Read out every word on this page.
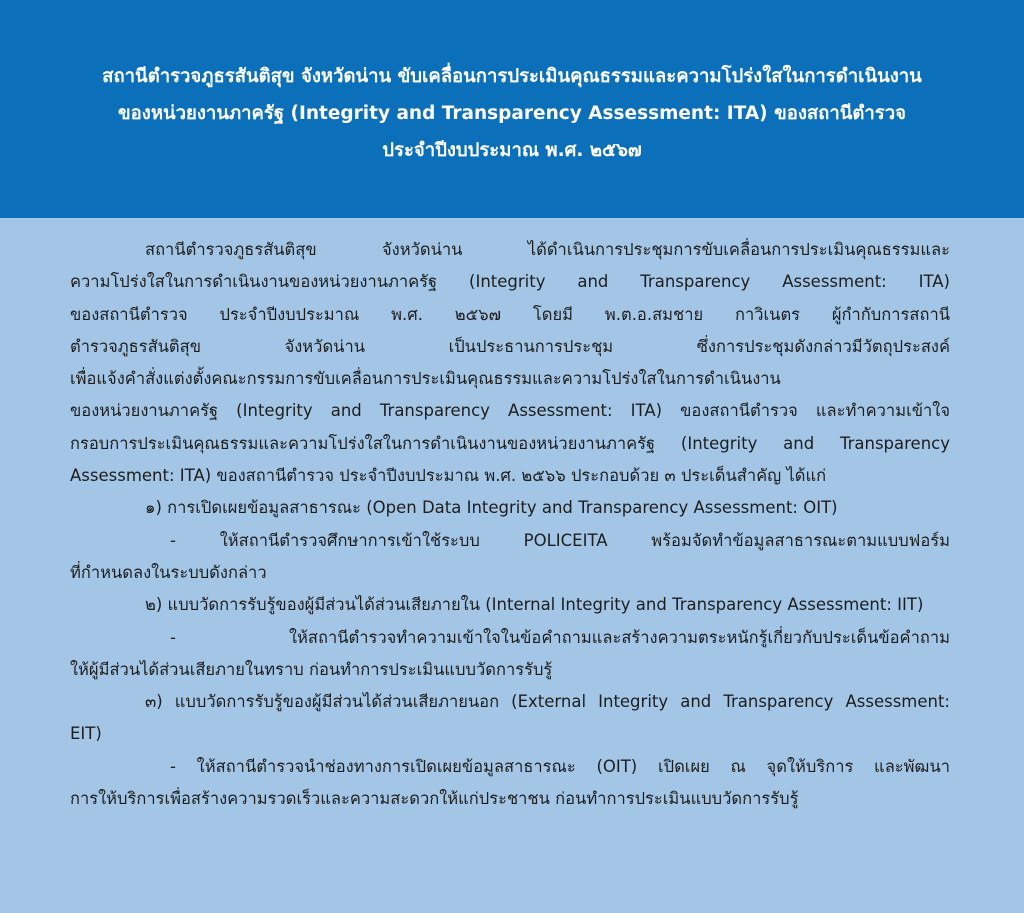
สถานีตำรวจภูธรสันติสุข จังหวัดน่าน ขับเคลื่อนการประเมินคุณธรรมและความโปร่งใสในการดำเนินงาน
ของหน่วยงานภาครัฐ (Integrity and Transparency Assessment: ITA) ของสถานีตำรวจ
ประจำปีงบประมาณ พ.ศ. ๒๕๖๗
สถานีตำรวจภูธรสันติสุข จังหวัดน่าน ได้ดำเนินการประชุมการขับเคลื่อนการประเมินคุณธรรมและ
ความโปร่งใสในการดำเนินงานของหน่วยงานภาครัฐ (Integrity and Transparency Assessment: ITA)
ของสถานีตำรวจ ประจำปีงบประมาณ พ.ศ. ๒๕๖๗ โดยมี พ.ต.อ.สมชาย กาวิเนตร ผู้กำกับการสถานี
ตำรวจภูธรสันติสุข จังหวัดน่าน เป็นประธานการประชุม ซึ่งการประชุมดังกล่าวมีวัตถุประสงค์
เพื่อแจ้งคำสั่งแต่งตั้งคณะกรรมการขับเคลื่อนการประเมินคุณธรรมและความโปร่งใสในการดำเนินงาน
ของหน่วยงานภาครัฐ (Integrity and Transparency Assessment: ITA) ของสถานีตำรวจ และทำความเข้าใจ
กรอบการประเมินคุณธรรมและความโปร่งใสในการดำเนินงานของหน่วยงานภาครัฐ (Integrity and Transparency
Assessment: ITA) ของสถานีตำรวจ ประจำปีงบประมาณ พ.ศ. ๒๕๖๖ ประกอบด้วย ๓ ประเด็นสำคัญ ได้แก่
๑) การเปิดเผยข้อมูลสาธารณะ (Open Data Integrity and Transparency Assessment: OIT)
- ให้สถานีตำรวจศึกษาการเข้าใช้ระบบ POLICEITA พร้อมจัดทำข้อมูลสาธารณะตามแบบฟอร์ม
ที่กำหนดลงในระบบดังกล่าว
๒) แบบวัดการรับรู้ของผู้มีส่วนได้ส่วนเสียภายใน (Internal Integrity and Transparency Assessment: IIT)
- ให้สถานีตำรวจทำความเข้าใจในข้อคำถามและสร้างความตระหนักรู้เกี่ยวกับประเด็นข้อคำถาม
ให้ผู้มีส่วนได้ส่วนเสียภายในทราบ ก่อนทำการประเมินแบบวัดการรับรู้
๓) แบบวัดการรับรู้ของผู้มีส่วนได้ส่วนเสียภายนอก (External Integrity and Transparency Assessment:
EIT)
- ให้สถานีตำรวจนำช่องทางการเปิดเผยข้อมูลสาธารณะ (OIT) เปิดเผย ณ จุดให้บริการ และพัฒนา
การให้บริการเพื่อสร้างความรวดเร็วและความสะดวกให้แก่ประชาชน ก่อนทำการประเมินแบบวัดการรับรู้
